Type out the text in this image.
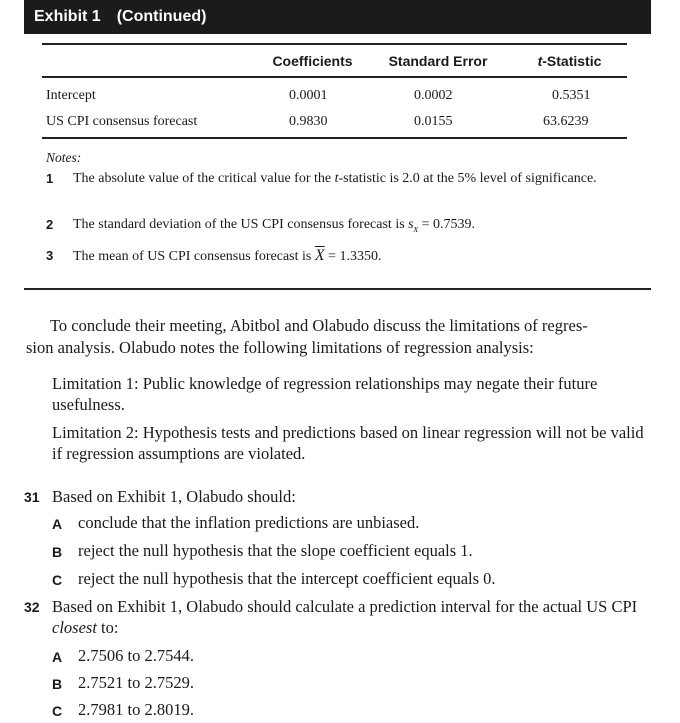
Exhibit 1 (Continued)
Coefficients	Standard Error	t-Statistic
Intercept	0.0001	0.0002	0.5351
US CPI consensus forecast	0.9830	0.0155	63.6239
Notes:
1 The absolute value of the critical value for the t-statistic is 2.0 at the 5% level of significance.
2 The standard deviation of the US CPI consensus forecast is $s_x = 0.7539$.
3 The mean of US CPI consensus forecast is $\overline{X} = 1.3350$.
To conclude their meeting, Abitbol and Olabudo discuss the limitations of regres-
sion analysis. Olabudo notes the following limitations of regression analysis:
Limitation 1: Public knowledge of regression relationships may negate their future usefulness.
Limitation 2: Hypothesis tests and predictions based on linear regression will not be valid if regression assumptions are violated.
31 Based on Exhibit 1, Olabudo should:
A conclude that the inflation predictions are unbiased.
B reject the null hypothesis that the slope coefficient equals 1.
C reject the null hypothesis that the intercept coefficient equals 0.
32 Based on Exhibit 1, Olabudo should calculate a prediction interval for the actual US CPI closest to:
A 2.7506 to 2.7544.
B 2.7521 to 2.7529.
C 2.7981 to 2.8019.
